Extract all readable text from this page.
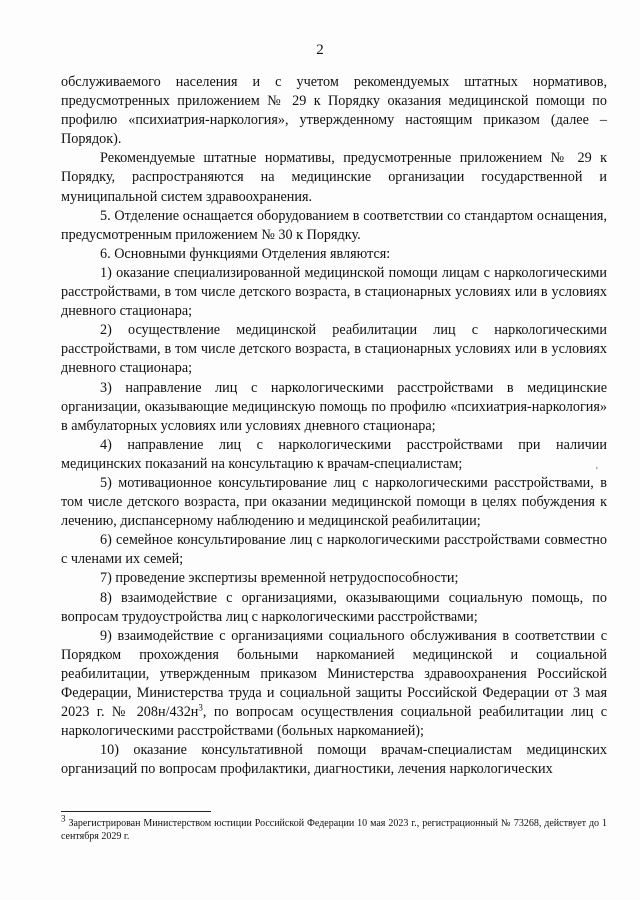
2

обслуживаемого населения и с учетом рекомендуемых штатных нормативов, предусмотренных приложением № 29 к Порядку оказания медицинской помощи по профилю «психиатрия-наркология», утвержденному настоящим приказом (далее – Порядок).

Рекомендуемые штатные нормативы, предусмотренные приложением № 29 к Порядку, распространяются на медицинские организации государственной и муниципальной систем здравоохранения.

5. Отделение оснащается оборудованием в соответствии со стандартом оснащения, предусмотренным приложением № 30 к Порядку.

6. Основными функциями Отделения являются:

1) оказание специализированной медицинской помощи лицам с наркологическими расстройствами, в том числе детского возраста, в стационарных условиях или в условиях дневного стационара;

2) осуществление медицинской реабилитации лиц с наркологическими расстройствами, в том числе детского возраста, в стационарных условиях или в условиях дневного стационара;

3) направление лиц с наркологическими расстройствами в медицинские организации, оказывающие медицинскую помощь по профилю «психиатрия-наркология» в амбулаторных условиях или условиях дневного стационара;

4) направление лиц с наркологическими расстройствами при наличии медицинских показаний на консультацию к врачам-специалистам;

5) мотивационное консультирование лиц с наркологическими расстройствами, в том числе детского возраста, при оказании медицинской помощи в целях побуждения к лечению, диспансерному наблюдению и медицинской реабилитации;

6) семейное консультирование лиц с наркологическими расстройствами совместно с членами их семей;

7) проведение экспертизы временной нетрудоспособности;

8) взаимодействие с организациями, оказывающими социальную помощь, по вопросам трудоустройства лиц с наркологическими расстройствами;

9) взаимодействие с организациями социального обслуживания в соответствии с Порядком прохождения больными наркоманией медицинской и социальной реабилитации, утвержденным приказом Министерства здравоохранения Российской Федерации, Министерства труда и социальной защиты Российской Федерации от 3 мая 2023 г. № $208н/432н^3$, по вопросам осуществления социальной реабилитации лиц с наркологическими расстройствами (больных наркоманией);

10) оказание консультативной помощи врачам-специалистам медицинских организаций по вопросам профилактики, диагностики, лечения наркологических

'
$^3$ Зарегистрирован Министерством юстиции Российской Федерации 10 мая 2023 г., регистрационный № 73268, действует до 1 сентября 2029 г.
